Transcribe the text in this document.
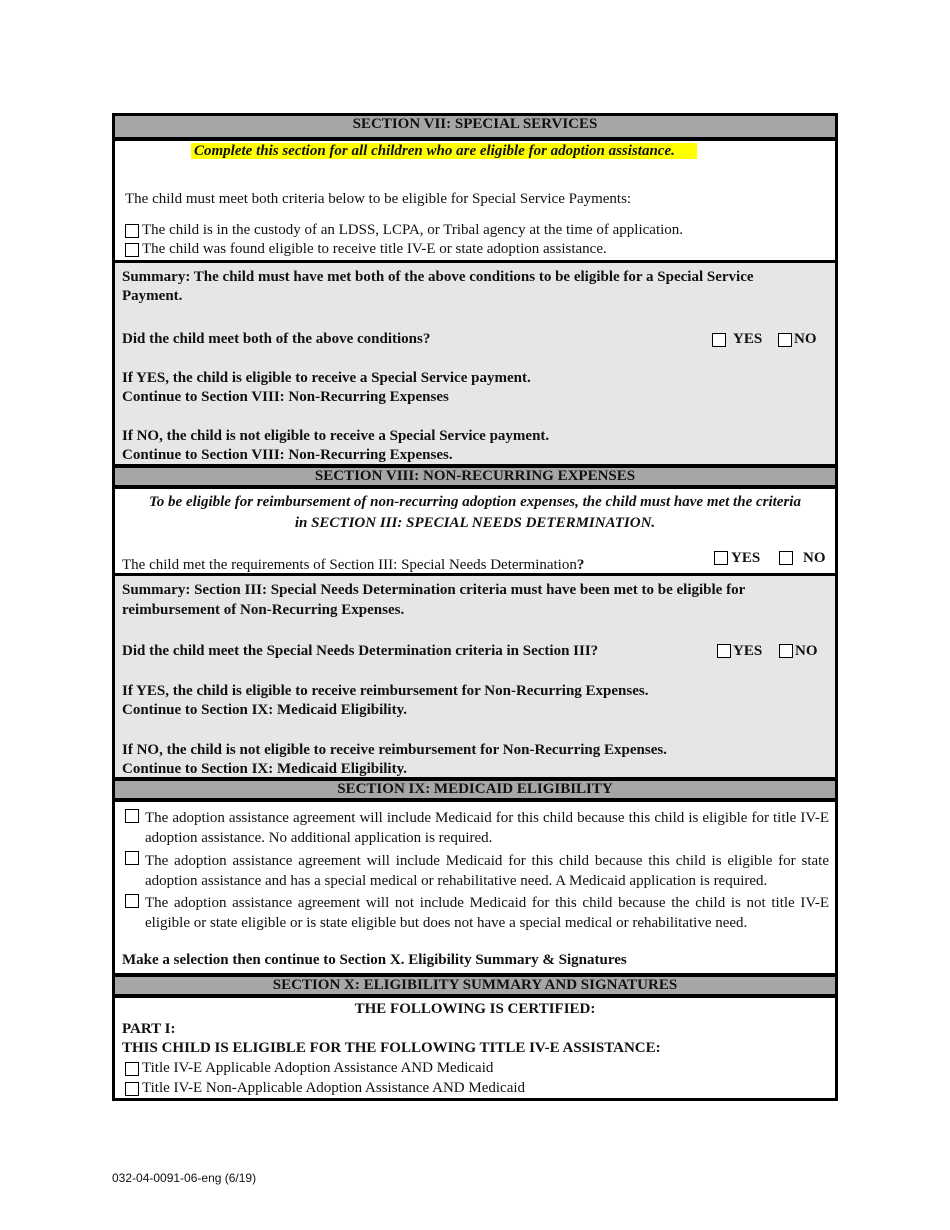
SECTION VII: SPECIAL SERVICES
Complete this section for all children who are eligible for adoption assistance.
The child must meet both criteria below to be eligible for Special Service Payments:
The child is in the custody of an LDSS, LCPA, or Tribal agency at the time of application.
The child was found eligible to receive title IV-E or state adoption assistance.
Summary: The child must have met both of the above conditions to be eligible for a Special Service
Payment.
Did the child meet both of the above conditions?	YES NO
If YES, the child is eligible to receive a Special Service payment.
Continue to Section VIII: Non-Recurring Expenses
If NO, the child is not eligible to receive a Special Service payment.
Continue to Section VIII: Non-Recurring Expenses.
SECTION VIII: NON-RECURRING EXPENSES
To be eligible for reimbursement of non-recurring adoption expenses, the child must have met the criteria
in SECTION III: SPECIAL NEEDS DETERMINATION.
The child met the requirements of Section III: Special Needs Determination?	YES	NO
Summary: Section III: Special Needs Determination criteria must have been met to be eligible for
reimbursement of Non-Recurring Expenses.
Did the child meet the Special Needs Determination criteria in Section III?	YES NO
If YES, the child is eligible to receive reimbursement for Non-Recurring Expenses.
Continue to Section IX: Medicaid Eligibility.
If NO, the child is not eligible to receive reimbursement for Non-Recurring Expenses.
Continue to Section IX: Medicaid Eligibility.
SECTION IX: MEDICAID ELIGIBILITY
The adoption assistance agreement will include Medicaid for this child because this child is eligible for title IV-E adoption assistance. No additional application is required.
The adoption assistance agreement will include Medicaid for this child because this child is eligible for state adoption assistance and has a special medical or rehabilitative need. A Medicaid application is required.
The adoption assistance agreement will not include Medicaid for this child because the child is not title IV-E eligible or state eligible or is state eligible but does not have a special medical or rehabilitative need.
Make a selection then continue to Section X. Eligibility Summary & Signatures
SECTION X: ELIGIBILITY SUMMARY AND SIGNATURES
THE FOLLOWING IS CERTIFIED:
PART I:
THIS CHILD IS ELIGIBLE FOR THE FOLLOWING TITLE IV-E ASSISTANCE:
Title IV-E Applicable Adoption Assistance AND Medicaid
Title IV-E Non-Applicable Adoption Assistance AND Medicaid
032-04-0091-06-eng (6/19)
